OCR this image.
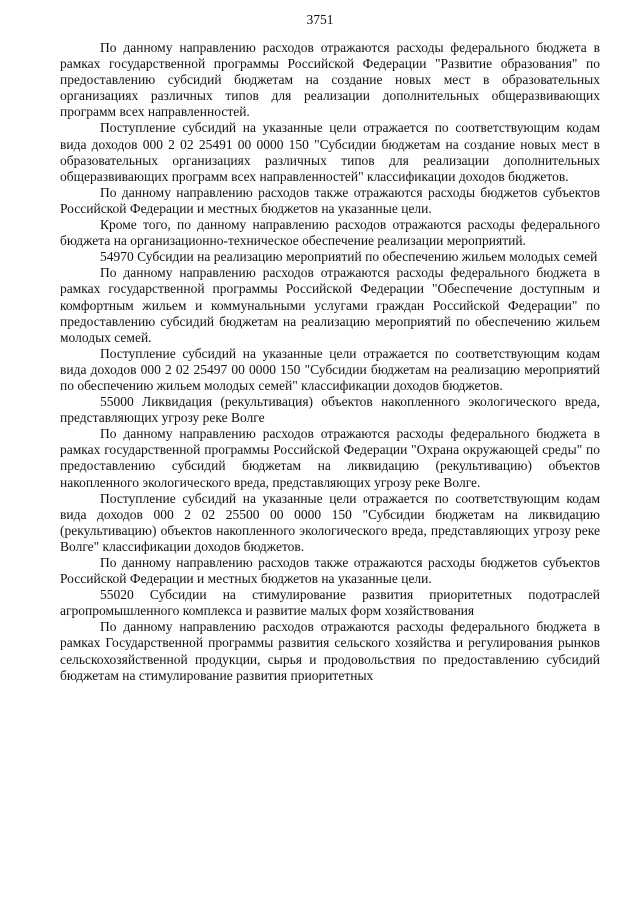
3751

По данному направлению расходов отражаются расходы федерального бюджета в рамках государственной программы Российской Федерации "Развитие образования" по предоставлению субсидий бюджетам на создание новых мест в образовательных организациях различных типов для реализации дополнительных общеразвивающих программ всех направленностей.

Поступление субсидий на указанные цели отражается по соответствующим кодам вида доходов 000 2 02 25491 00 0000 150 "Субсидии бюджетам на создание новых мест в образовательных организациях различных типов для реализации дополнительных общеразвивающих программ всех направленностей" классификации доходов бюджетов.

По данному направлению расходов также отражаются расходы бюджетов субъектов Российской Федерации и местных бюджетов на указанные цели.

Кроме того, по данному направлению расходов отражаются расходы федерального бюджета на организационно-техническое обеспечение реализации мероприятий.

54970 Субсидии на реализацию мероприятий по обеспечению жильем молодых семей

По данному направлению расходов отражаются расходы федерального бюджета в рамках государственной программы Российской Федерации "Обеспечение доступным и комфортным жильем и коммунальными услугами граждан Российской Федерации" по предоставлению субсидий бюджетам на реализацию мероприятий по обеспечению жильем молодых семей.

Поступление субсидий на указанные цели отражается по соответствующим кодам вида доходов 000 2 02 25497 00 0000 150 "Субсидии бюджетам на реализацию мероприятий по обеспечению жильем молодых семей" классификации доходов бюджетов.

55000 Ликвидация (рекультивация) объектов накопленного экологического вреда, представляющих угрозу реке Волге

По данному направлению расходов отражаются расходы федерального бюджета в рамках государственной программы Российской Федерации "Охрана окружающей среды" по предоставлению субсидий бюджетам на ликвидацию (рекультивацию) объектов накопленного экологического вреда, представляющих угрозу реке Волге.

Поступление субсидий на указанные цели отражается по соответствующим кодам вида доходов 000 2 02 25500 00 0000 150 "Субсидии бюджетам на ликвидацию (рекультивацию) объектов накопленного экологического вреда, представляющих угрозу реке Волге" классификации доходов бюджетов.

По данному направлению расходов также отражаются расходы бюджетов субъектов Российской Федерации и местных бюджетов на указанные цели.

55020 Субсидии на стимулирование развития приоритетных подотраслей агропромышленного комплекса и развитие малых форм хозяйствования

По данному направлению расходов отражаются расходы федерального бюджета в рамках Государственной программы развития сельского хозяйства и регулирования рынков сельскохозяйственной продукции, сырья и продовольствия по предоставлению субсидий бюджетам на стимулирование развития приоритетных
